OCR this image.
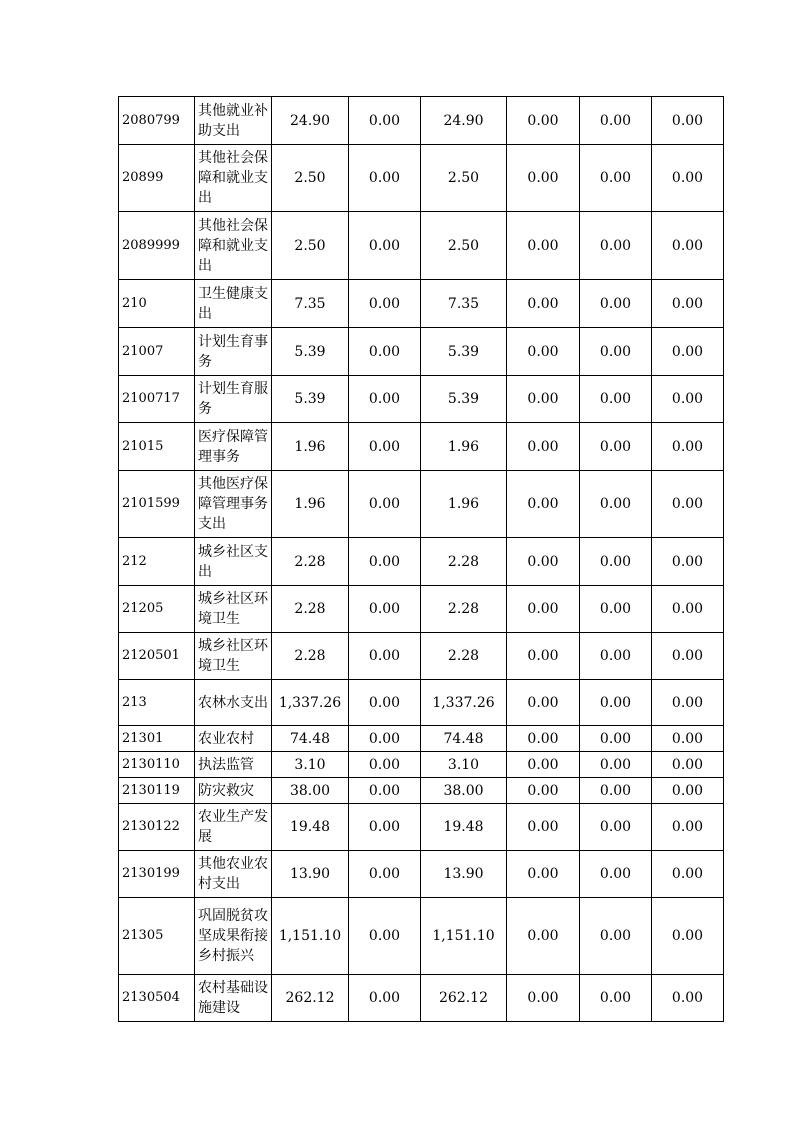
2080799	其他就业补助支出	24.90	0.00	24.90	0.00	0.00	0.00
20899	其他社会保障和就业支出	2.50	0.00	2.50	0.00	0.00	0.00
2089999	其他社会保障和就业支出	2.50	0.00	2.50	0.00	0.00	0.00
210	卫生健康支出	7.35	0.00	7.35	0.00	0.00	0.00
21007	计划生育事务	5.39	0.00	5.39	0.00	0.00	0.00
2100717	计划生育服务	5.39	0.00	5.39	0.00	0.00	0.00
21015	医疗保障管理事务	1.96	0.00	1.96	0.00	0.00	0.00
2101599	其他医疗保障管理事务支出	1.96	0.00	1.96	0.00	0.00	0.00
212	城乡社区支出	2.28	0.00	2.28	0.00	0.00	0.00
21205	城乡社区环境卫生	2.28	0.00	2.28	0.00	0.00	0.00
2120501	城乡社区环境卫生	2.28	0.00	2.28	0.00	0.00	0.00
213	农林水支出	1,337.26	0.00	1,337.26	0.00	0.00	0.00
21301	农业农村	74.48	0.00	74.48	0.00	0.00	0.00
2130110	执法监管	3.10	0.00	3.10	0.00	0.00	0.00
2130119	防灾救灾	38.00	0.00	38.00	0.00	0.00	0.00
2130122	农业生产发展	19.48	0.00	19.48	0.00	0.00	0.00
2130199	其他农业农村支出	13.90	0.00	13.90	0.00	0.00	0.00
21305	巩固脱贫攻坚成果衔接乡村振兴	1,151.10	0.00	1,151.10	0.00	0.00	0.00
2130504	农村基础设施建设	262.12	0.00	262.12	0.00	0.00	0.00
